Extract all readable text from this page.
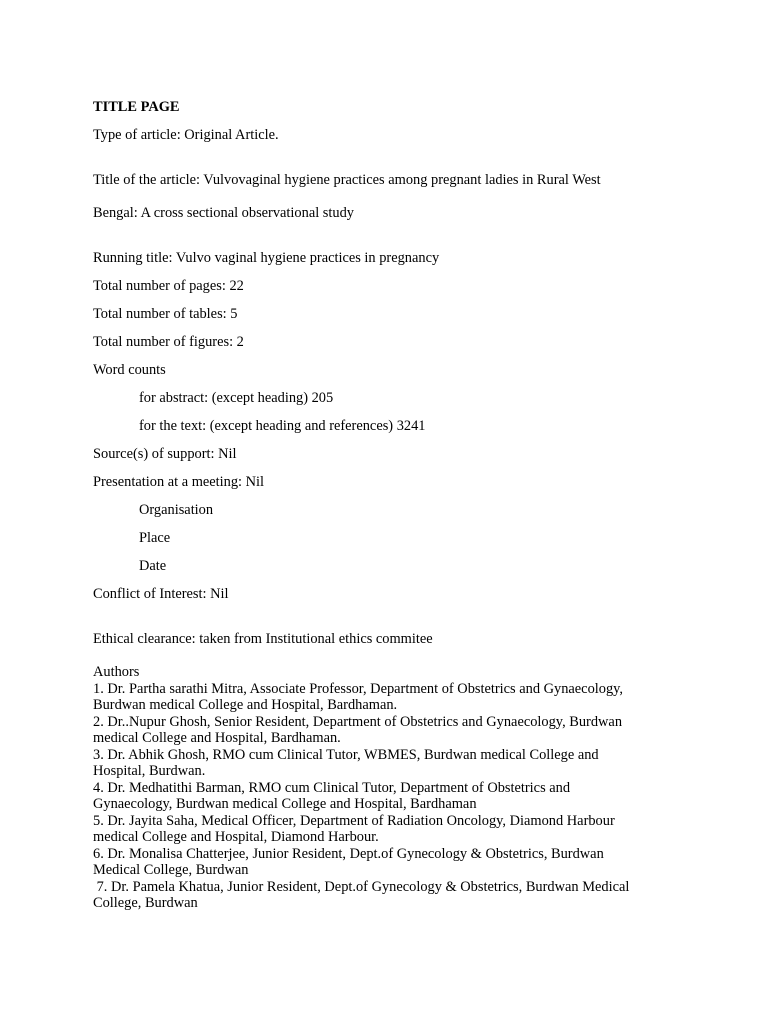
TITLE PAGE
Type of article: Original Article.
Title of the article: Vulvovaginal hygiene practices among pregnant ladies in Rural West
Bengal: A cross sectional observational study
Running title: Vulvo vaginal hygiene practices in pregnancy
Total number of pages: 22
Total number of tables: 5
Total number of figures: 2
Word counts
for abstract: (except heading) 205
for the text: (except heading and references) 3241
Source(s) of support: Nil
Presentation at a meeting: Nil
Organisation
Place
Date
Conflict of Interest: Nil
Ethical clearance: taken from Institutional ethics commitee
Authors
1. Dr. Partha sarathi Mitra, Associate Professor, Department of Obstetrics and Gynaecology,
Burdwan medical College and Hospital, Bardhaman.
2. Dr..Nupur Ghosh, Senior Resident, Department of Obstetrics and Gynaecology, Burdwan
medical College and Hospital, Bardhaman.
3. Dr. Abhik Ghosh, RMO cum Clinical Tutor, WBMES, Burdwan medical College and
Hospital, Burdwan.
4. Dr. Medhatithi Barman, RMO cum Clinical Tutor, Department of Obstetrics and
Gynaecology, Burdwan medical College and Hospital, Bardhaman
5. Dr. Jayita Saha, Medical Officer, Department of Radiation Oncology, Diamond Harbour
medical College and Hospital, Diamond Harbour.
6. Dr. Monalisa Chatterjee, Junior Resident, Dept.of Gynecology & Obstetrics, Burdwan
Medical College, Burdwan
7. Dr. Pamela Khatua, Junior Resident, Dept.of Gynecology & Obstetrics, Burdwan Medical
College, Burdwan
